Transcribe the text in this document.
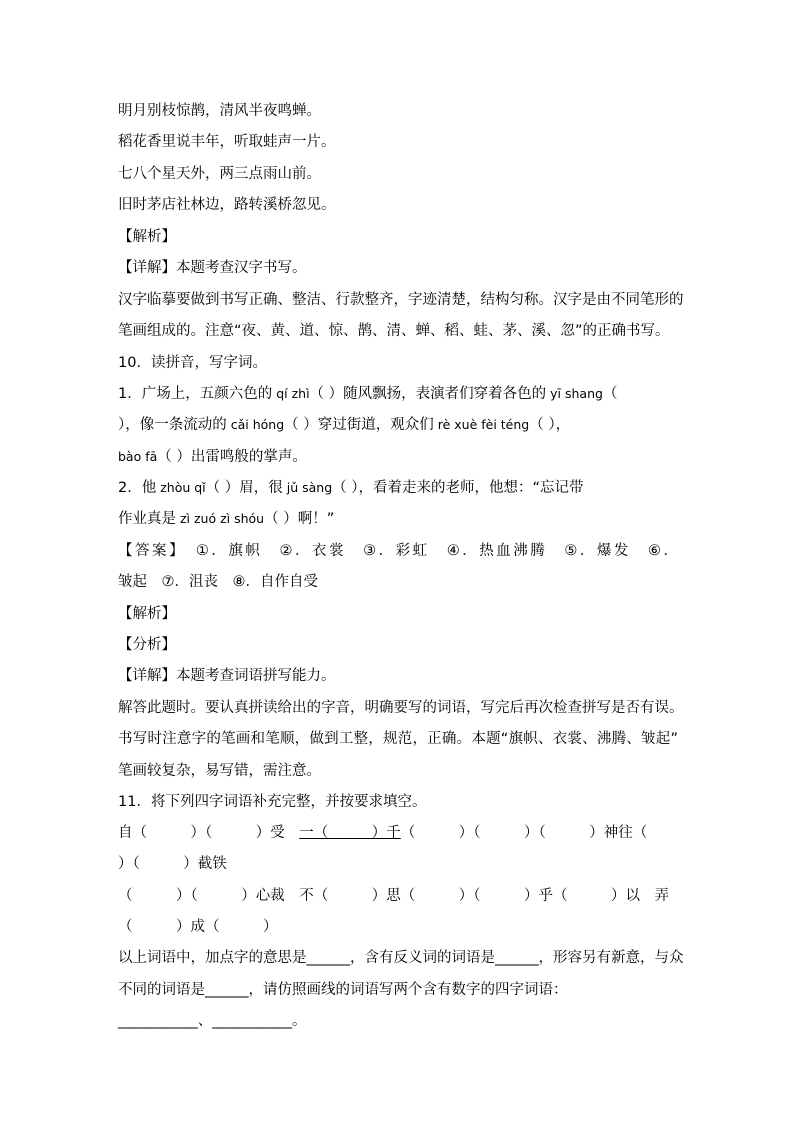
明月别枝惊鹊，清风半夜鸣蝉。
稻花香里说丰年，听取蛙声一片。
七八个星天外，两三点雨山前。
旧时茅店社林边，路转溪桥忽见。
【解析】
【详解】本题考查汉字书写。
汉字临摹要做到书写正确、整洁、行款整齐，字迹清楚，结构匀称。汉字是由不同笔形的
笔画组成的。注意“夜、黄、道、惊、鹊、清、蝉、稻、蛙、茅、溪、忽”的正确书写。
10．读拼音，写字词。
1．广场上，五颜六色的 qí zhì（ ）随风飘扬，表演者们穿着各色的 yī shang（
），像一条流动的 cǎi hóng（ ）穿过街道，观众们 rè xuè fèi téng（ ），
bào fā（ ）出雷鸣般的掌声。
2．他 zhòu qǐ（ ）眉，很 jǔ sàng（ ），看着走来的老师，他想：“忘记带
作业真是 zì zuó zì shóu（ ）啊！”
【答案】　①．旗帜　②．衣裳　③．彩虹　④．热血沸腾　⑤．爆发　⑥．
皱起　⑦．沮丧　⑧．自作自受
【解析】
【分析】
【详解】本题考查词语拼写能力。
解答此题时。要认真拼读给出的字音，明确要写的词语，写完后再次检查拼写是否有误。
书写时注意字的笔画和笔顺，做到工整，规范，正确。本题“旗帜、衣裳、沸腾、皱起”
笔画较复杂，易写错，需注意。
11．将下列四字词语补充完整，并按要求填空。
自（　　　）（　　　）受　 一（　　　）千（　　　）（　　　）（　　　）神往（
）（　　　）截铁
（　　　）（　　　）心裁　不（　　　）思（　　　）（　　　）乎（　　　）以　弄
（　　　）成（　　　）
以上词语中，加点字的意思是______，含有反义词的词语是______，形容另有新意，与众
不同的词语是______，请仿照画线的词语写两个含有数字的四字词语：
___________、___________。
